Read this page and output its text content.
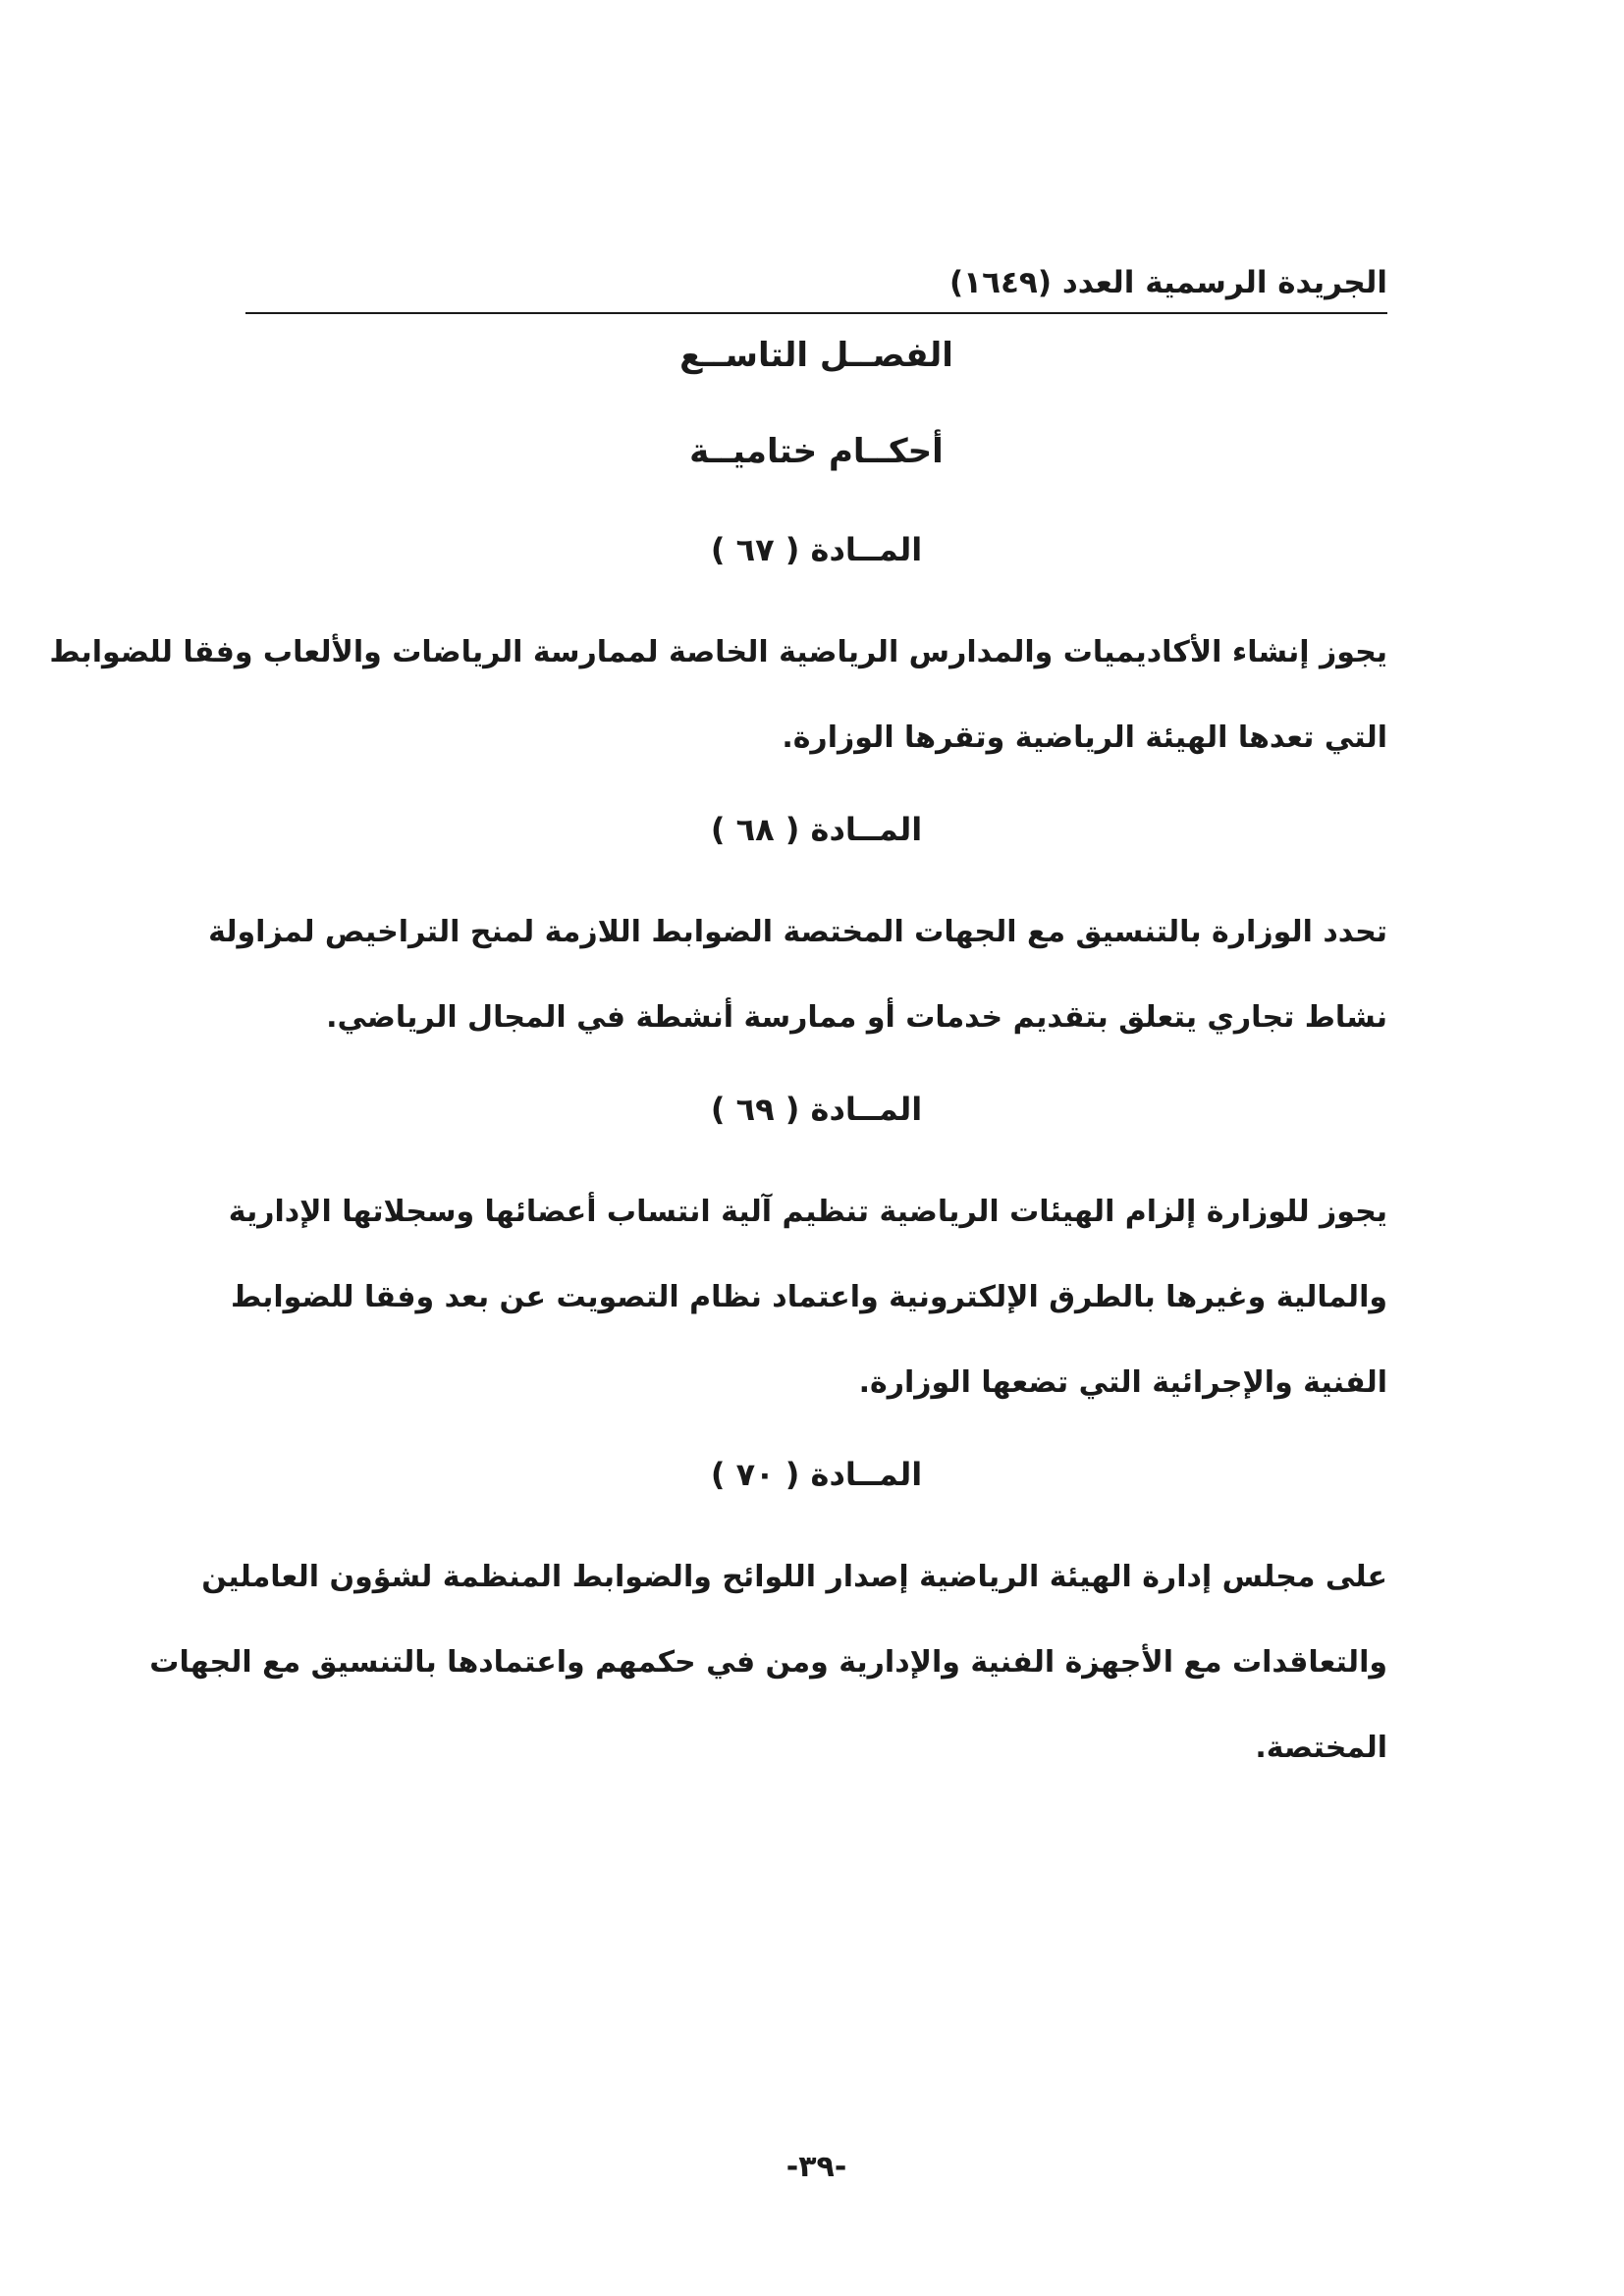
الجريدة الرسمية العدد (١٦٤٩)
الفصــل التاســع
أحكــام ختاميــة
المــادة ( ٦٧ )
يجوز إنشاء الأكاديميات والمدارس الرياضية الخاصة لممارسة الرياضات والألعاب وفقا للضوابط
التي تعدها الهيئة الرياضية وتقرها الوزارة.
المــادة ( ٦٨ )
تحدد الوزارة بالتنسيق مع الجهات المختصة الضوابط اللازمة لمنح التراخيص لمزاولة
نشاط تجاري يتعلق بتقديم خدمات أو ممارسة أنشطة في المجال الرياضي.
المــادة ( ٦٩ )
يجوز للوزارة إلزام الهيئات الرياضية تنظيم آلية انتساب أعضائها وسجلاتها الإدارية
والمالية وغيرها بالطرق الإلكترونية واعتماد نظام التصويت عن بعد وفقا للضوابط
الفنية والإجرائية التي تضعها الوزارة.
المــادة ( ٧٠ )
على مجلس إدارة الهيئة الرياضية إصدار اللوائح والضوابط المنظمة لشؤون العاملين
والتعاقدات مع الأجهزة الفنية والإدارية ومن في حكمهم واعتمادها بالتنسيق مع الجهات
المختصة.
-٣٩-
